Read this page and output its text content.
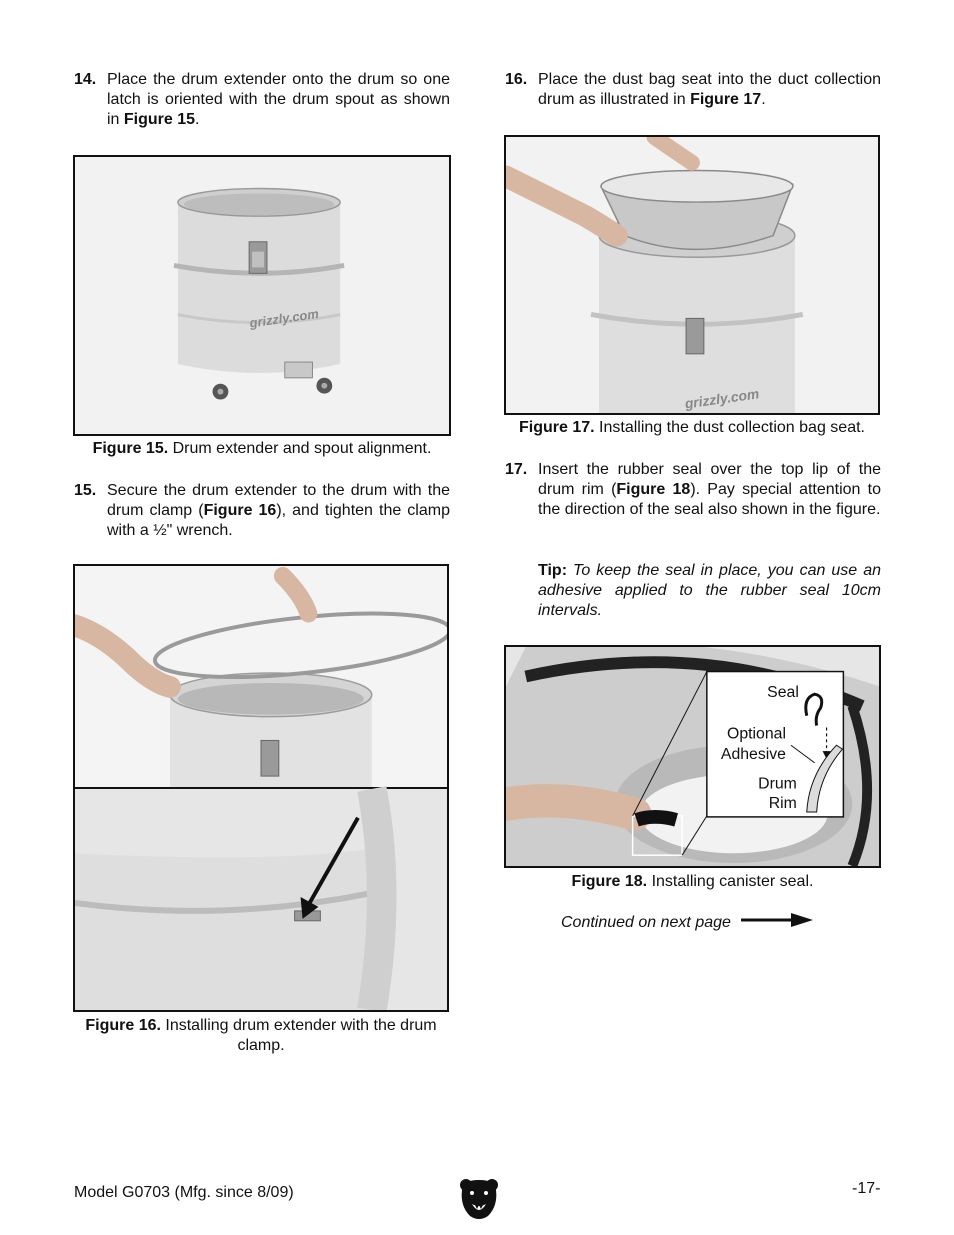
14. Place the drum extender onto the drum so one latch is oriented with the drum spout as shown in Figure 15.

grizzly.com
Figure 15. Drum extender and spout alignment.
15. Secure the drum extender to the drum with the drum clamp (Figure 16), and tighten the clamp with a ½" wrench.

Figure 16. Installing drum extender with the drum clamp.
16. Place the dust bag seat into the duct collection drum as illustrated in Figure 17.

grizzly.com
Figure 17. Installing the dust collection bag seat.
17. Insert the rubber seal over the top lip of the drum rim (Figure 18). Pay special attention to the direction of the seal also shown in the figure.

Tip: To keep the seal in place, you can use an adhesive applied to the rubber seal 10cm intervals.
Seal
Optional
Adhesive
Drum
Rim
Figure 18. Installing canister seal.
Continued on next page
Model G0703 (Mfg. since 8/09)	-17-
